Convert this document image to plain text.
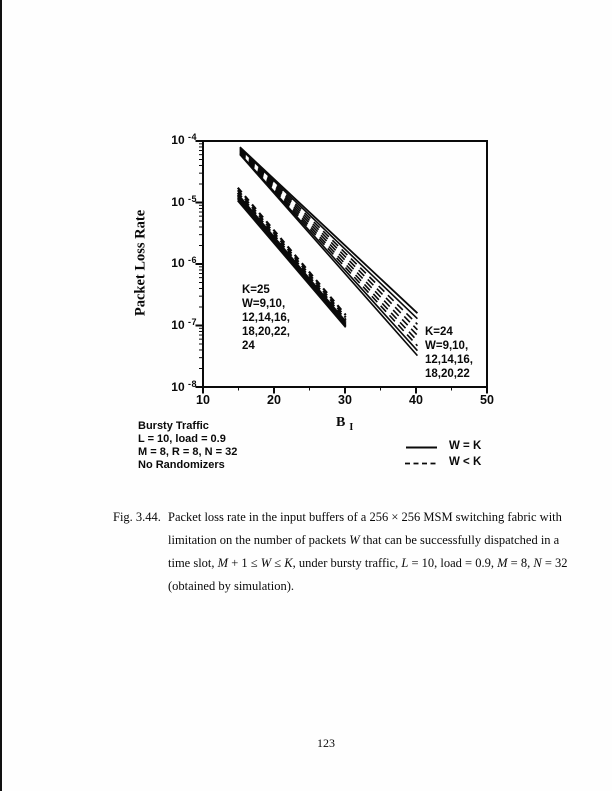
Packet Loss Rate
10 $^{-4}$
10 $^{-5}$
10 $^{-6}$
10 $^{-7}$
10 $^{-8}$
10	20	30	40	50
B $_I$
K=25
W=9,10,
12,14,16,
18,20,22,
24
K=24
W=9,10,
12,14,16,
18,20,22
Bursty Traffic
L = 10, load = 0.9
M = 8, R = 8, N = 32
No Randomizers
W = K
W < K
Fig. 3.44. Packet loss rate in the input buffers of a 256 × 256 MSM switching fabric with
limitation on the number of packets W that can be successfully dispatched in a
time slot, M + 1 ≤ W ≤ K, under bursty traffic, L = 10, load = 0.9, M = 8, N = 32
(obtained by simulation).
123
